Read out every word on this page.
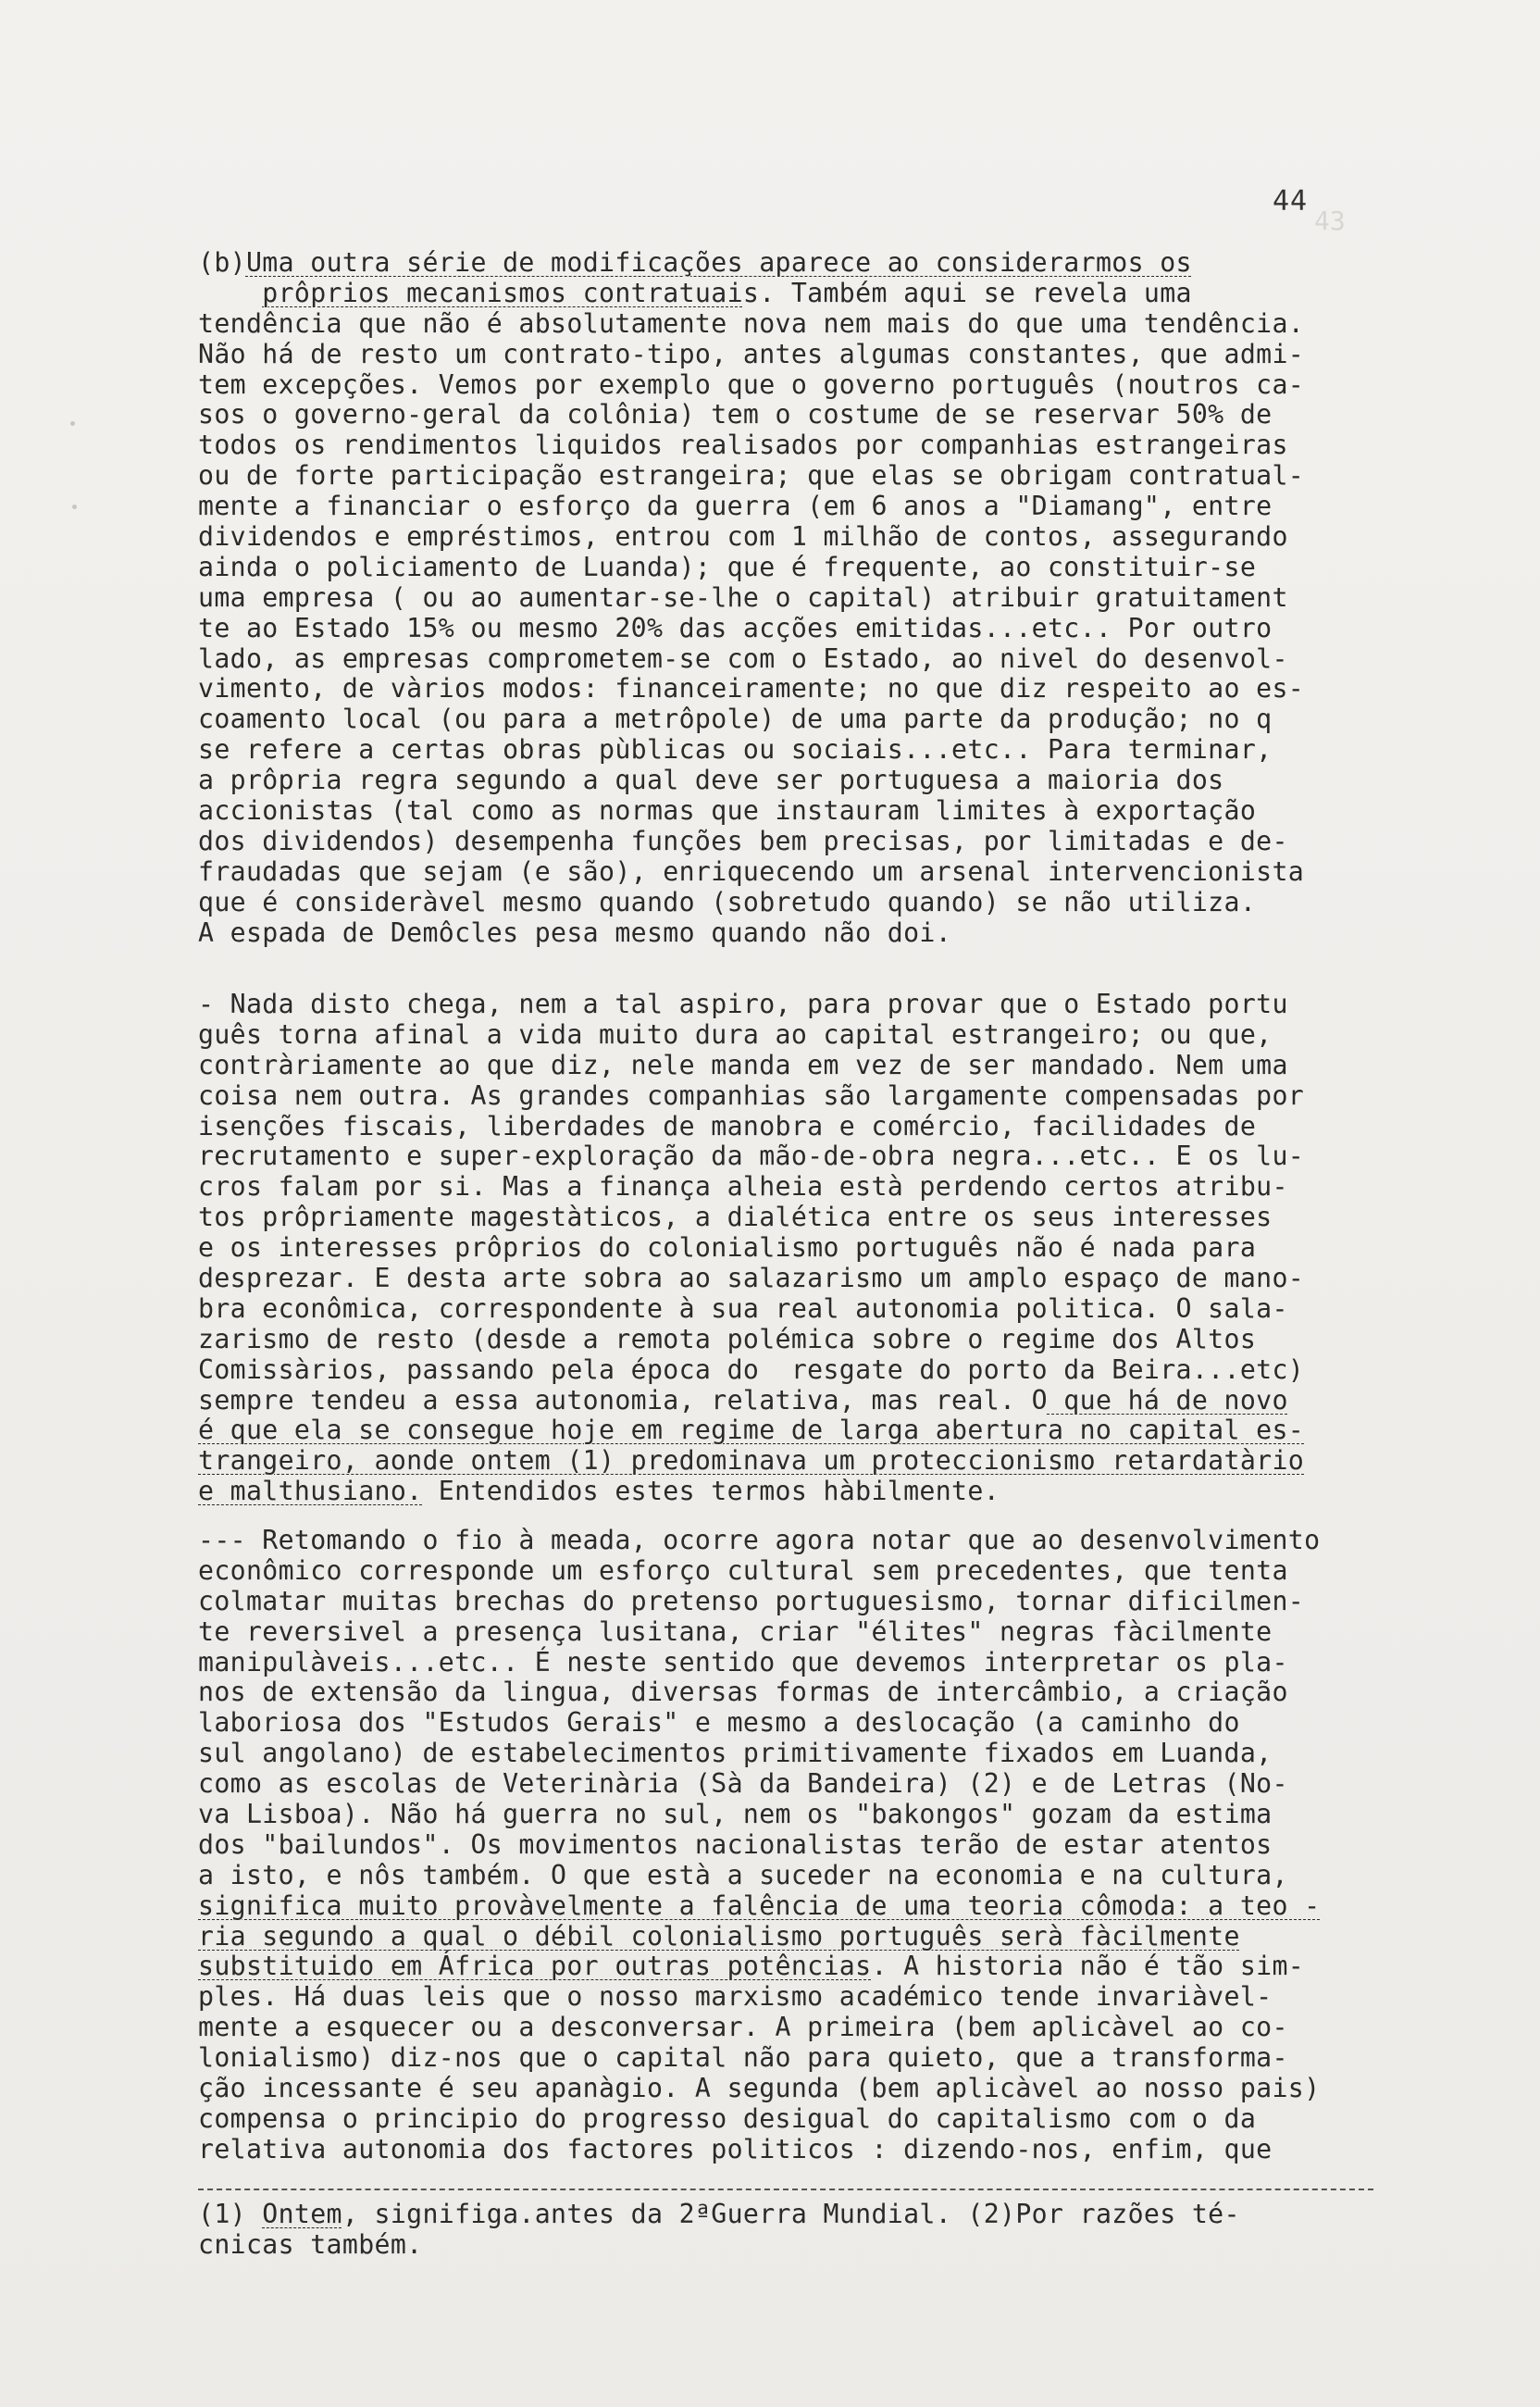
43
44
(b)Uma outra série de modificações aparece ao considerarmos os
prôprios mecanismos contratuais. Também aqui se revela uma
tendência que não é absolutamente nova nem mais do que uma tendência.
Não há de resto um contrato-tipo, antes algumas constantes, que admi-
tem excepções. Vemos por exemplo que o governo português (noutros ca-
sos o governo-geral da colônia) tem o costume de se reservar 50% de
todos os rendimentos liquidos realisados por companhias estrangeiras
ou de forte participação estrangeira; que elas se obrigam contratual-
mente a financiar o esforço da guerra (em 6 anos a "Diamang", entre
dividendos e empréstimos, entrou com 1 milhão de contos, assegurando
ainda o policiamento de Luanda); que é frequente, ao constituir-se
uma empresa ( ou ao aumentar-se-lhe o capital) atribuir gratuitament
te ao Estado 15% ou mesmo 20% das acções emitidas...etc.. Por outro
lado, as empresas comprometem-se com o Estado, ao nivel do desenvol-
vimento, de vàrios modos: financeiramente; no que diz respeito ao es-
coamento local (ou para a metrôpole) de uma parte da produção; no q
se refere a certas obras pùblicas ou sociais...etc.. Para terminar,
a prôpria regra segundo a qual deve ser portuguesa a maioria dos
accionistas (tal como as normas que instauram limites à exportação
dos dividendos) desempenha funções bem precisas, por limitadas e de-
fraudadas que sejam (e são), enriquecendo um arsenal intervencionista
que é consideràvel mesmo quando (sobretudo quando) se não utiliza.
A espada de Demôcles pesa mesmo quando não doi.
- Nada disto chega, nem a tal aspiro, para provar que o Estado portu
guês torna afinal a vida muito dura ao capital estrangeiro; ou que,
contràriamente ao que diz, nele manda em vez de ser mandado. Nem uma
coisa nem outra. As grandes companhias são largamente compensadas por
isenções fiscais, liberdades de manobra e comércio, facilidades de
recrutamento e super-exploração da mão-de-obra negra...etc.. E os lu-
cros falam por si. Mas a finança alheia està perdendo certos atribu-
tos prôpriamente magestàticos, a dialética entre os seus interesses
e os interesses prôprios do colonialismo português não é nada para
desprezar. E desta arte sobra ao salazarismo um amplo espaço de mano-
bra econômica, correspondente à sua real autonomia politica. O sala-
zarismo de resto (desde a remota polémica sobre o regime dos Altos
Comissàrios, passando pela época do  resgate do porto da Beira...etc)
sempre tendeu a essa autonomia, relativa, mas real. O que há de novo
é que ela se consegue hoje em regime de larga abertura no capital es-
trangeiro, aonde ontem (1) predominava um proteccionismo retardatàrio
e malthusiano. Entendidos estes termos hàbilmente.
--- Retomando o fio à meada, ocorre agora notar que ao desenvolvimento
econômico corresponde um esforço cultural sem precedentes, que tenta
colmatar muitas brechas do pretenso portuguesismo, tornar dificilmen-
te reversivel a presença lusitana, criar "élites" negras fàcilmente
manipulàveis...etc.. É neste sentido que devemos interpretar os pla-
nos de extensão da lingua, diversas formas de intercâmbio, a criação
laboriosa dos "Estudos Gerais" e mesmo a deslocação (a caminho do
sul angolano) de estabelecimentos primitivamente fixados em Luanda,
como as escolas de Veterinària (Sà da Bandeira) (2) e de Letras (No-
va Lisboa). Não há guerra no sul, nem os "bakongos" gozam da estima
dos "bailundos". Os movimentos nacionalistas terão de estar atentos
a isto, e nôs também. O que està a suceder na economia e na cultura,
significa muito provàvelmente a falência de uma teoria cômoda: a teo -
ria segundo a qual o débil colonialismo português serà fàcilmente
substituido em África por outras potências. A historia não é tão sim-
ples. Há duas leis que o nosso marxismo académico tende invariàvel-
mente a esquecer ou a desconversar. A primeira (bem aplicàvel ao co-
lonialismo) diz-nos que o capital não para quieto, que a transforma-
ção incessante é seu apanàgio. A segunda (bem aplicàvel ao nosso pais)
compensa o principio do progresso desigual do capitalismo com o da
relativa autonomia dos factores politicos : dizendo-nos, enfim, que
(1) Ontem, signifiga.antes da 2ªGuerra Mundial. (2)Por razões té-
cnicas também.
